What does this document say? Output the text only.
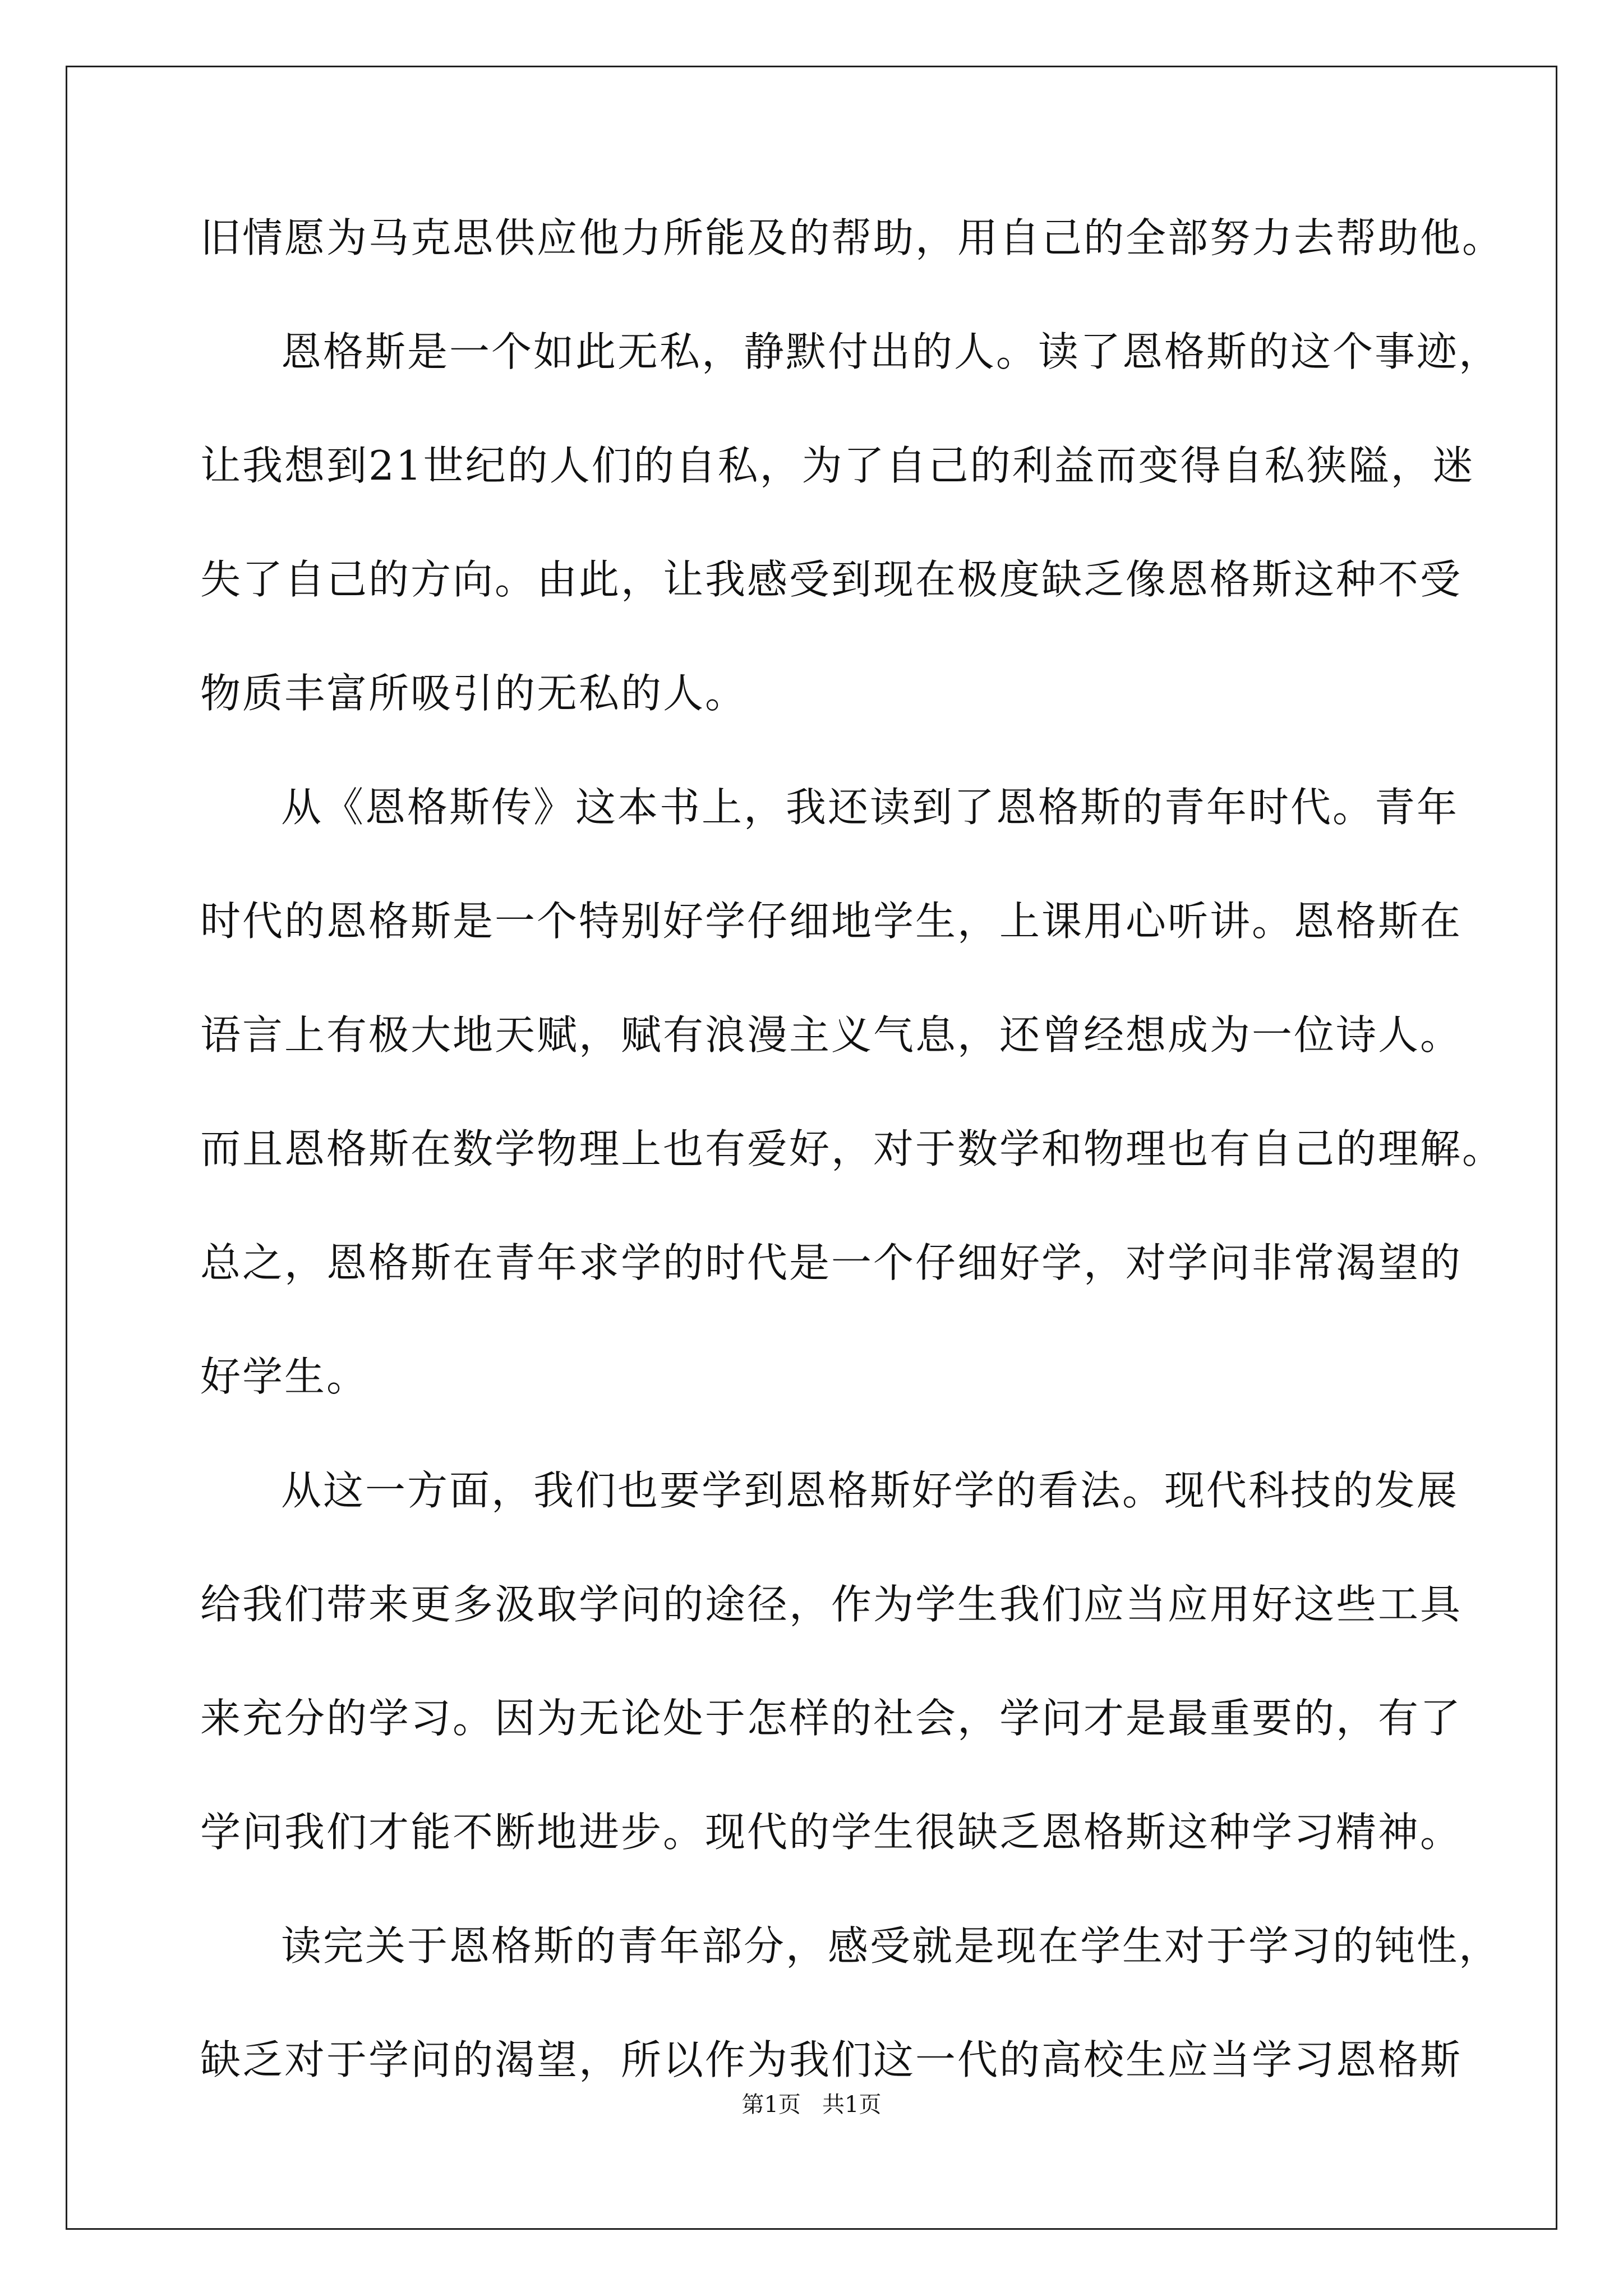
旧情愿为马克思供应他力所能及的帮助，用自己的全部努力去帮助他。
恩格斯是一个如此无私，静默付出的人。读了恩格斯的这个事迹，
让我想到21世纪的人们的自私，为了自己的利益而变得自私狭隘，迷
失了自己的方向。由此，让我感受到现在极度缺乏像恩格斯这种不受
物质丰富所吸引的无私的人。
从《恩格斯传》这本书上，我还读到了恩格斯的青年时代。青年
时代的恩格斯是一个特别好学仔细地学生，上课用心听讲。恩格斯在
语言上有极大地天赋，赋有浪漫主义气息，还曾经想成为一位诗人。
而且恩格斯在数学物理上也有爱好，对于数学和物理也有自己的理解。
总之，恩格斯在青年求学的时代是一个仔细好学，对学问非常渴望的
好学生。
从这一方面，我们也要学到恩格斯好学的看法。现代科技的发展
给我们带来更多汲取学问的途径，作为学生我们应当应用好这些工具
来充分的学习。因为无论处于怎样的社会，学问才是最重要的，有了
学问我们才能不断地进步。现代的学生很缺乏恩格斯这种学习精神。
读完关于恩格斯的青年部分，感受就是现在学生对于学习的钝性，
缺乏对于学问的渴望，所以作为我们这一代的高校生应当学习恩格斯
第1页   共1页
